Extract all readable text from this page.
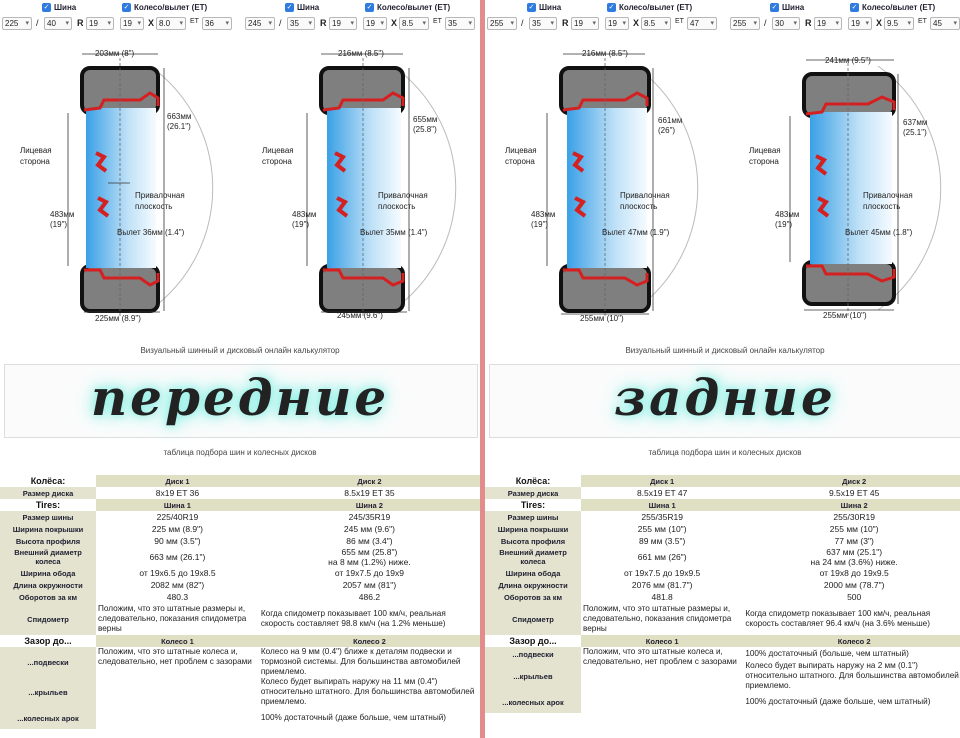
✓ Шина	✓ Колесо/вылет (ET)
225 ▾	/	40 ▾	R 19 ▾	19 ▾	X 8.0 ▾	ET 36 ▾
✓ Шина	✓ Колесо/вылет (ET)
245 ▾	/	35 ▾	R 19 ▾	19 ▾	X 8.5 ▾	ET 35 ▾
203мм (8")
663мм
(26.1")
Лицевая
сторона
483мм
(19")
Привалочная
плоскость
Вылет 36мм (1.4")
225мм (8.9")
216мм (8.5")
655мм
(25.8")
Лицевая
сторона
483мм
(19")
Привалочная
плоскость
Вылет 35мм (1.4")
245мм (9.6")
Визуальный шинный и дисковый онлайн калькулятор
передние
таблица подбора шин и колесных дисков
Колёса:	Диск 1	Диск 2
Размер диска	8x19 ET 36	8.5x19 ET 35
Tires:	Шина 1	Шина 2
Размер шины	225/40R19	245/35R19
Ширина покрышки	225 мм (8.9")	245 мм (9.6")
Высота профиля	90 мм (3.5")	86 мм (3.4")
Внешний диаметр колеса	663 мм (26.1")	655 мм (25.8")
на 8 мм (1.2%) ниже.
Ширина обода	от 19x6.5 до 19x8.5	от 19x7.5 до 19x9
Длина окружности	2082 мм (82")	2057 мм (81")
Оборотов за км	480.3	486.2
Спидометр	Положим, что это штатные размеры и, следовательно, показания спидометра верны	Когда спидометр показывает 100 км/ч, реальная скорость составляет 98.8 км/ч (на 1.2% меньше)
Зазор до...	Колесо 1	Колесо 2
...подвески	Положим, что это штатные колеса и, следовательно, нет проблем с зазорами	Колесо на 9 мм (0.4") ближе к деталям подвески и тормозной системы. Для большинства автомобилей приемлемо.
...крыльев		Колесо будет выпирать наружу на 11 мм (0.4") относительно штатного. Для большинства автомобилей приемлемо.
...колесных арок		100% достаточный (даже больше, чем штатный)
✓ Шина	✓ Колесо/вылет (ET)
255 ▾	/	35 ▾	R 19 ▾	19 ▾	X 8.5 ▾	ET 47 ▾
✓ Шина	✓ Колесо/вылет (ET)
255 ▾	/	30 ▾	R 19 ▾	19 ▾	X 9.5 ▾	ET 45 ▾
216мм (8.5")
661мм
(26")
Лицевая
сторона
483мм
(19")
Привалочная
плоскость
Вылет 47мм (1.9")
255мм (10")
241мм (9.5")
637мм
(25.1")
Лицевая
сторона
483мм
(19")
Привалочная
плоскость
Вылет 45мм (1.8")
255мм (10")
Визуальный шинный и дисковый онлайн калькулятор
задние
таблица подбора шин и колесных дисков
Колёса:	Диск 1	Диск 2
Размер диска	8.5x19 ET 47	9.5x19 ET 45
Tires:	Шина 1	Шина 2
Размер шины	255/35R19	255/30R19
Ширина покрышки	255 мм (10")	255 мм (10")
Высота профиля	89 мм (3.5")	77 мм (3")
Внешний диаметр колеса	661 мм (26")	637 мм (25.1")
на 24 мм (3.6%) ниже.
Ширина обода	от 19x7.5 до 19x9.5	от 19x8 до 19x9.5
Длина окружности	2076 мм (81.7")	2000 мм (78.7")
Оборотов за км	481.8	500
Спидометр	Положим, что это штатные размеры и, следовательно, показания спидометра верны	Когда спидометр показывает 100 км/ч, реальная скорость составляет 96.4 км/ч (на 3.6% меньше)
Зазор до...	Колесо 1	Колесо 2
...подвески	Положим, что это штатные колеса и, следовательно, нет проблем с зазорами	100% достаточный (больше, чем штатный)
...крыльев		Колесо будет выпирать наружу на 2 мм (0.1") относительно штатного. Для большинства автомобилей приемлемо.
...колесных арок		100% достаточный (даже больше, чем штатный)
